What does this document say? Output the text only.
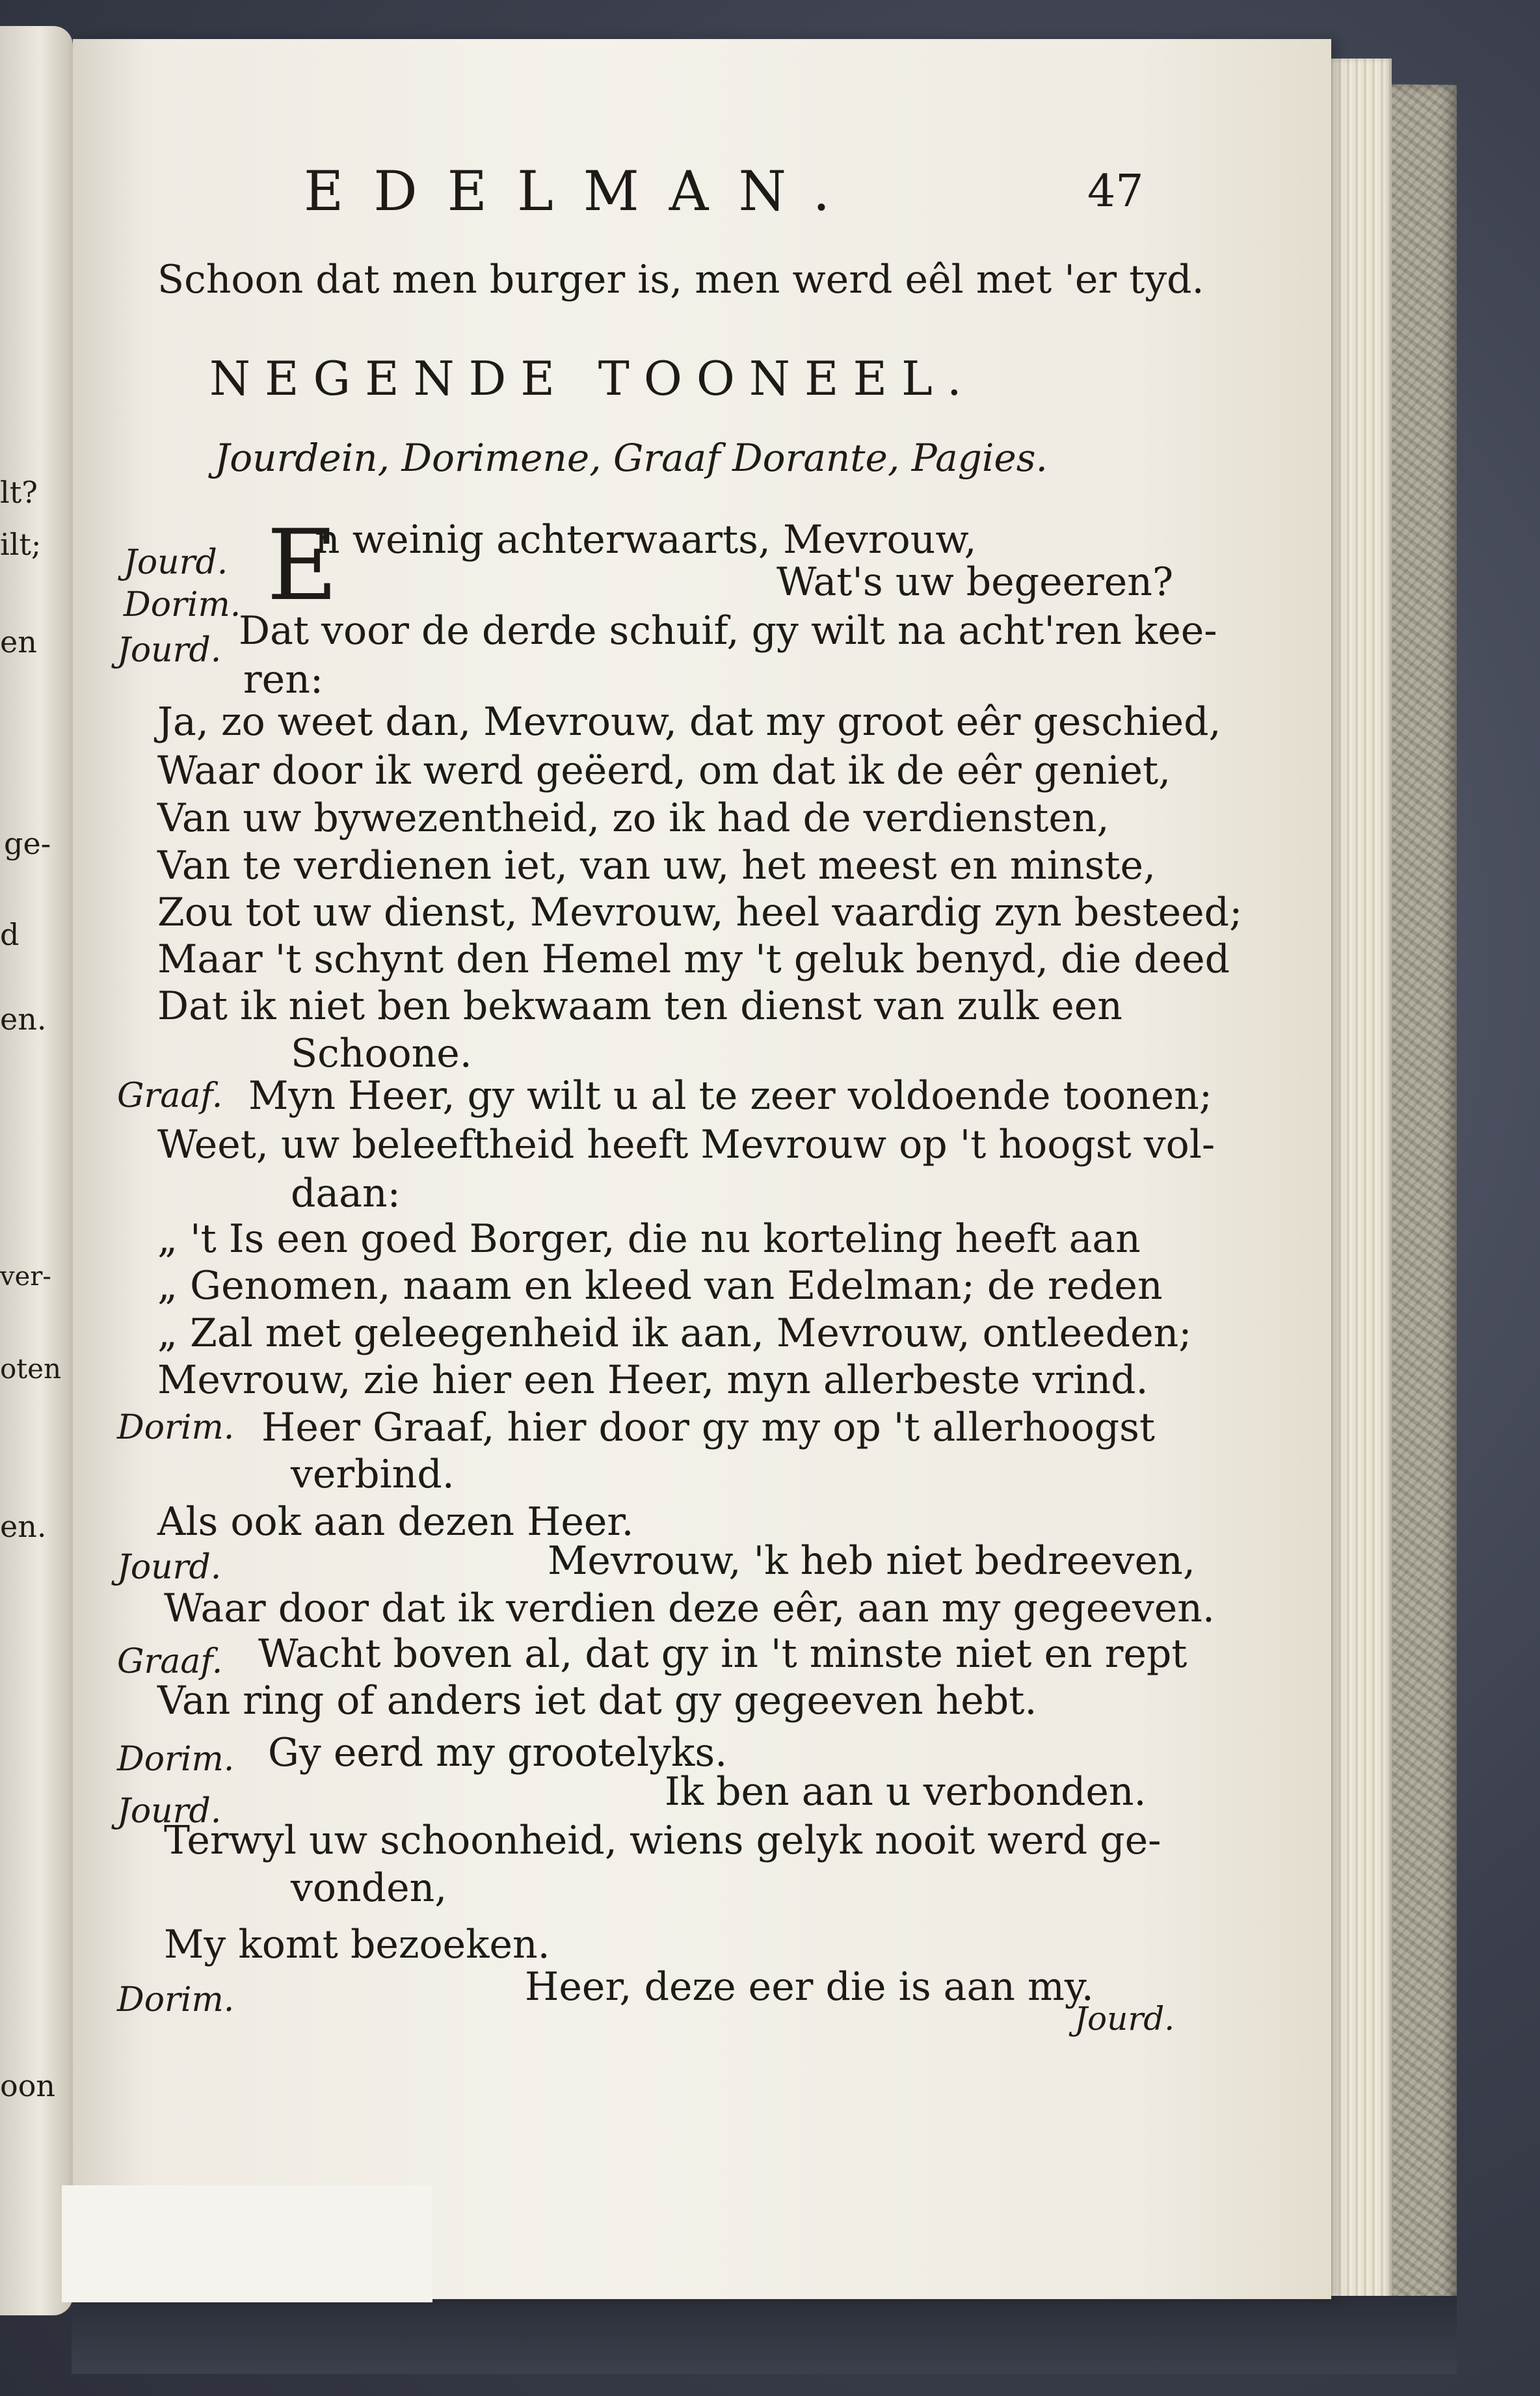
lt?
ilt;
en
ge-
d
en.
ver-
oten
en.
oon
EDELMAN.	47
Schoon dat men burger is, men werd eêl met 'er tyd.
NEGENDE TOONEEL.
Jourdein, Dorimene, Graaf Dorante, Pagies.
Jourd.
Dorim.
Jourd.
Graaf.
Dorim.
Jourd.
Graaf.
Dorim.
Jourd.
Dorim.
E
n weinig achterwaarts, Mevrouw,
Wat's uw begeeren?
Dat voor de derde schuif, gy wilt na acht'ren kee-
ren:
Ja, zo weet dan, Mevrouw, dat my groot eêr geschied,
Waar door ik werd geëerd, om dat ik de eêr geniet,
Van uw bywezentheid, zo ik had de verdiensten,
Van te verdienen iet, van uw, het meest en minste,
Zou tot uw dienst, Mevrouw, heel vaardig zyn besteed;
Maar 't schynt den Hemel my 't geluk benyd, die deed
Dat ik niet ben bekwaam ten dienst van zulk een
Schoone.
Myn Heer, gy wilt u al te zeer voldoende toonen;
Weet, uw beleeftheid heeft Mevrouw op 't hoogst vol-
daan:
„ 't Is een goed Borger, die nu korteling heeft aan
„ Genomen, naam en kleed van Edelman; de reden
„ Zal met geleegenheid ik aan, Mevrouw, ontleeden;
Mevrouw, zie hier een Heer, myn allerbeste vrind.
Heer Graaf, hier door gy my op 't allerhoogst
verbind.
Als ook aan dezen Heer.
Mevrouw, 'k heb niet bedreeven,
Waar door dat ik verdien deze eêr, aan my gegeeven.
Wacht boven al, dat gy in 't minste niet en rept
Van ring of anders iet dat gy gegeeven hebt.
Gy eerd my grootelyks.
Ik ben aan u verbonden.
Terwyl uw schoonheid, wiens gelyk nooit werd ge-
vonden,
My komt bezoeken.
Heer, deze eer die is aan my.
Jourd.
